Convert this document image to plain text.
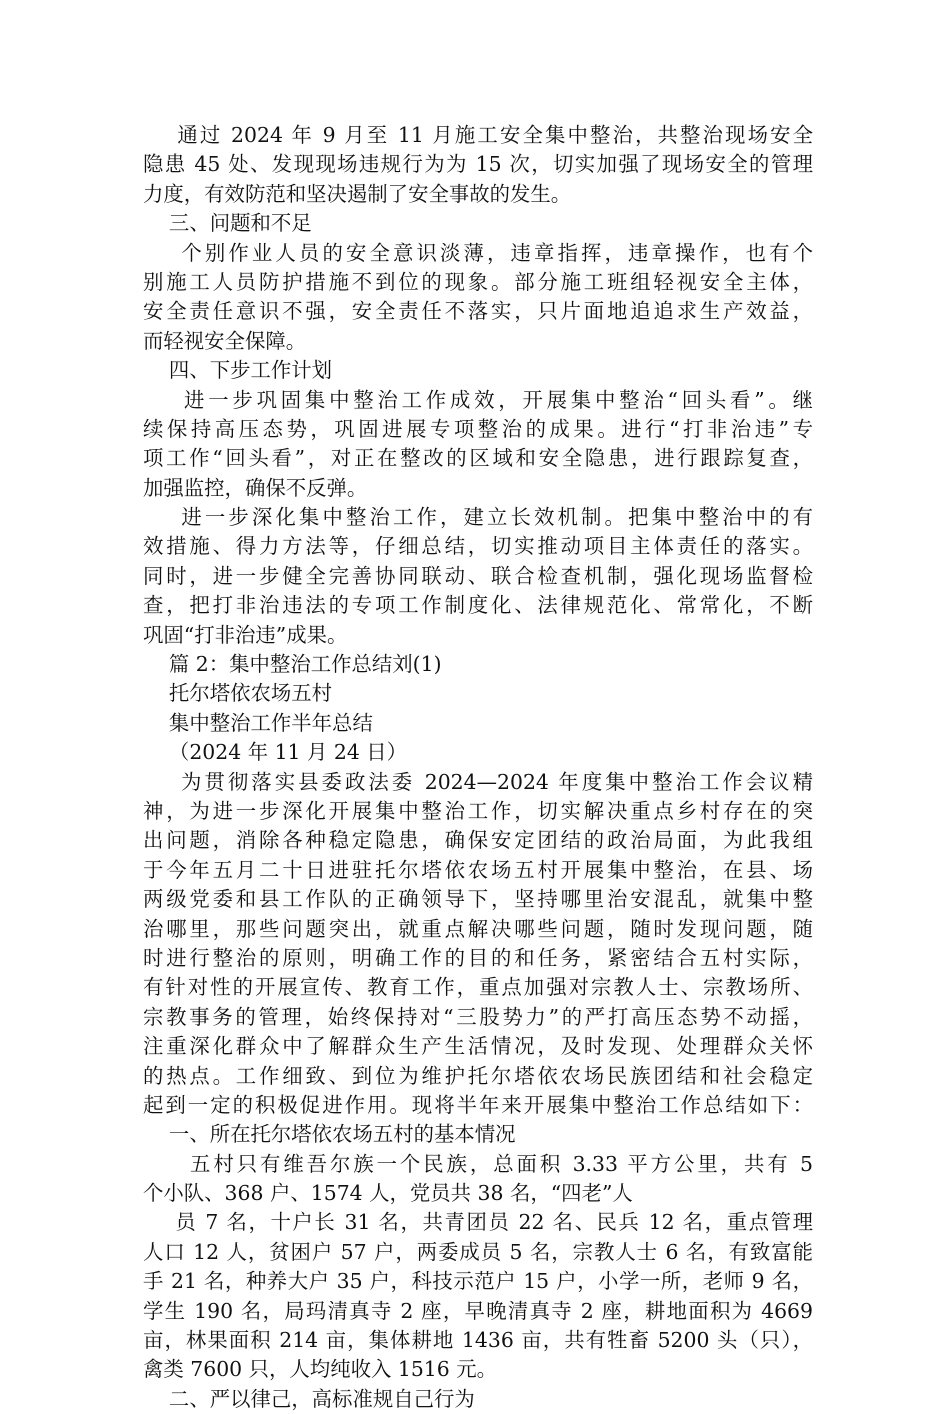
通过 2024 年 9 月至 11 月施工安全集中整治，共整治现场安全
隐患 45 处、发现现场违规行为为 15 次，切实加强了现场安全的管理
力度，有效防范和坚决遏制了安全事故的发生。
三、问题和不足
个别作业人员的安全意识淡薄，违章指挥，违章操作，也有个
别施工人员防护措施不到位的现象。部分施工班组轻视安全主体，
安全责任意识不强，安全责任不落实，只片面地追追求生产效益，
而轻视安全保障。
四、下步工作计划
进一步巩固集中整治工作成效，开展集中整治“回头看”。继
续保持高压态势，巩固进展专项整治的成果。进行“打非治违”专
项工作“回头看”，对正在整改的区域和安全隐患，进行跟踪复查，
加强监控，确保不反弹。
进一步深化集中整治工作，建立长效机制。把集中整治中的有
效措施、得力方法等，仔细总结，切实推动项目主体责任的落实。
同时，进一步健全完善协同联动、联合检查机制，强化现场监督检
查，把打非治违法的专项工作制度化、法律规范化、常常化，不断
巩固“打非治违”成果。
篇 2：集中整治工作总结刘(1)
托尔塔依农场五村
集中整治工作半年总结
（2024 年 11 月 24 日）
为贯彻落实县委政法委 2024—2024 年度集中整治工作会议精
神，为进一步深化开展集中整治工作，切实解决重点乡村存在的突
出问题，消除各种稳定隐患，确保安定团结的政治局面，为此我组
于今年五月二十日进驻托尔塔依农场五村开展集中整治，在县、场
两级党委和县工作队的正确领导下，坚持哪里治安混乱，就集中整
治哪里，那些问题突出，就重点解决哪些问题，随时发现问题，随
时进行整治的原则，明确工作的目的和任务，紧密结合五村实际，
有针对性的开展宣传、教育工作，重点加强对宗教人士、宗教场所、
宗教事务的管理，始终保持对“三股势力”的严打高压态势不动摇，
注重深化群众中了解群众生产生活情况，及时发现、处理群众关怀
的热点。工作细致、到位为维护托尔塔依农场民族团结和社会稳定
起到一定的积极促进作用。现将半年来开展集中整治工作总结如下：
一、所在托尔塔依农场五村的基本情况
五村只有维吾尔族一个民族，总面积 3.33 平方公里，共有 5
个小队、368 户、1574 人，党员共 38 名，“四老”人
员 7 名，十户长 31 名，共青团员 22 名、民兵 12 名，重点管理
人口 12 人，贫困户 57 户，两委成员 5 名，宗教人士 6 名，有致富能
手 21 名，种养大户 35 户，科技示范户 15 户，小学一所，老师 9 名，
学生 190 名，局玛清真寺 2 座，早晚清真寺 2 座，耕地面积为 4669
亩，林果面积 214 亩，集体耕地 1436 亩，共有牲畜 5200 头（只），
禽类 7600 只，人均纯收入 1516 元。
二、严以律己，高标准规自己行为
